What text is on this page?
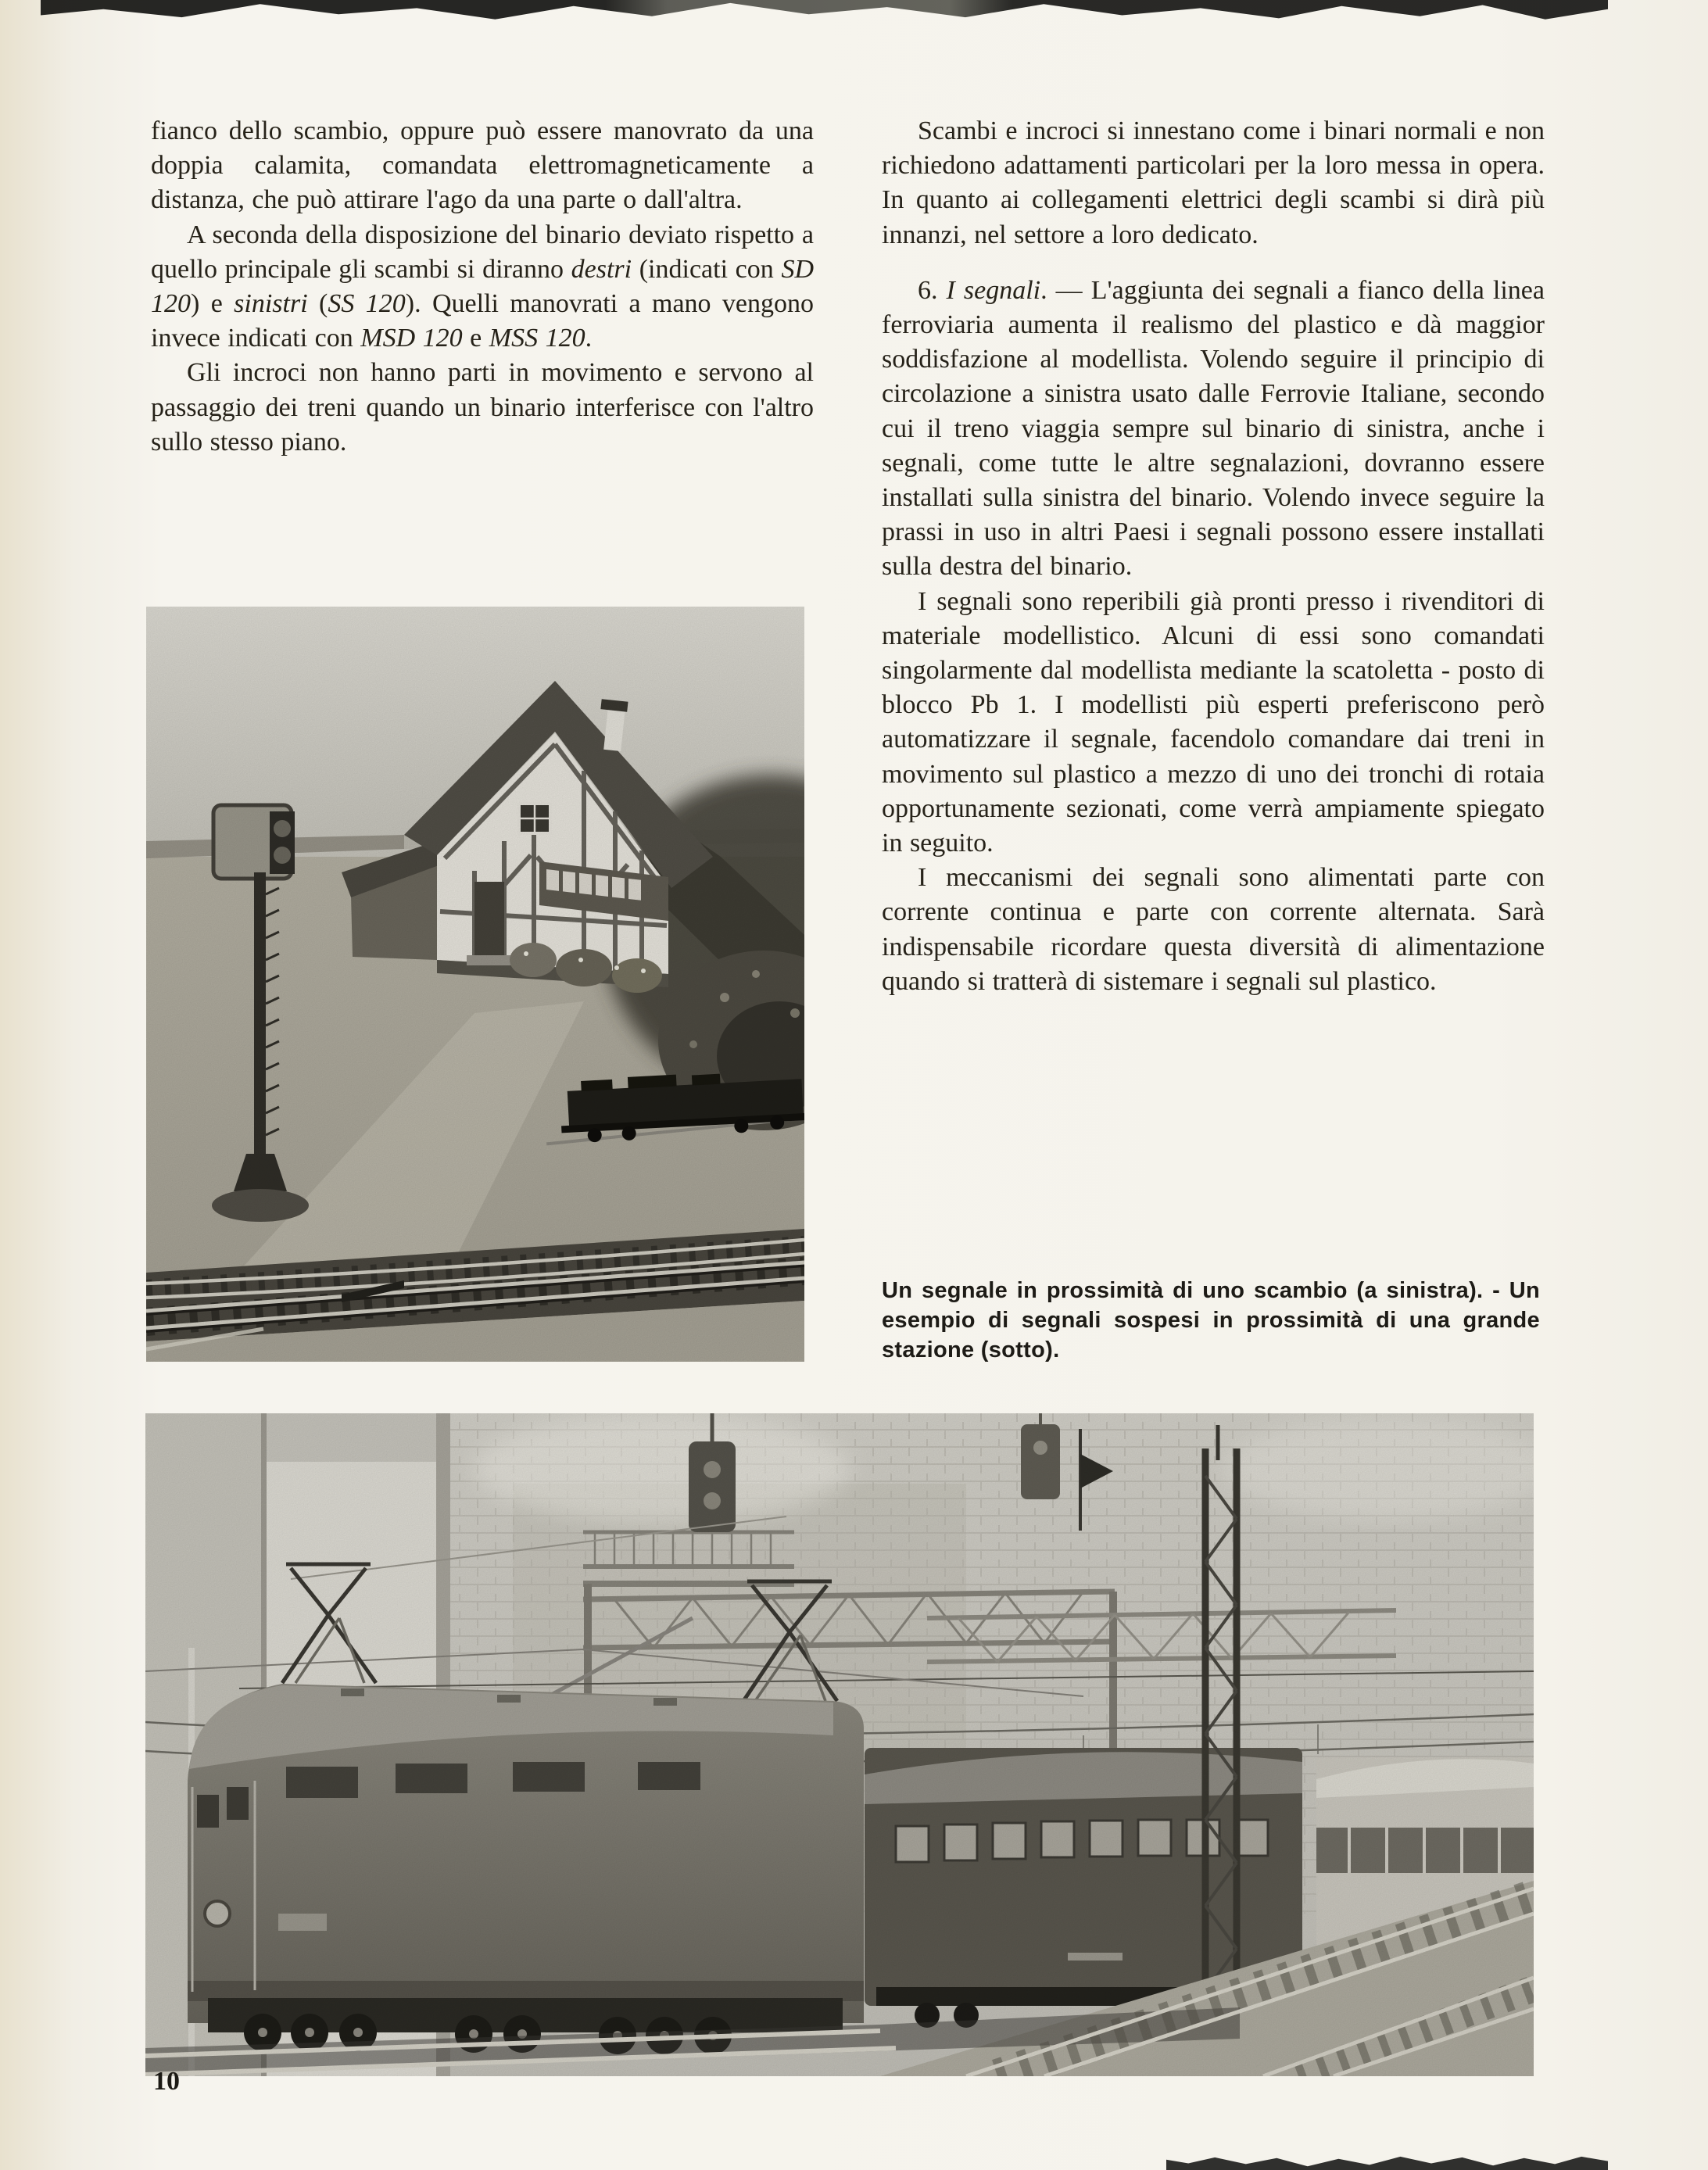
fianco dello scambio, oppure può essere manovrato da una doppia calamita, comandata elettromagneticamente a distanza, che può attirare l'ago da una parte o dall'altra.

A seconda della disposizione del binario deviato rispetto a quello principale gli scambi si diranno destri (indicati con SD 120) e sinistri (SS 120). Quelli manovrati a mano vengono invece indicati con MSD 120 e MSS 120.

Gli incroci non hanno parti in movimento e servono al passaggio dei treni quando un binario interferisce con l'altro sullo stesso piano.

Scambi e incroci si innestano come i binari normali e non richiedono adattamenti particolari per la loro messa in opera. In quanto ai collegamenti elettrici degli scambi si dirà più innanzi, nel settore a loro dedicato.

6. I segnali. — L'aggiunta dei segnali a fianco della linea ferroviaria aumenta il realismo del plastico e dà maggior soddisfazione al modellista. Volendo seguire il principio di circolazione a sinistra usato dalle Ferrovie Italiane, secondo cui il treno viaggia sempre sul binario di sinistra, anche i segnali, come tutte le altre segnalazioni, dovranno essere installati sulla sinistra del binario. Volendo invece seguire la prassi in uso in altri Paesi i segnali possono essere installati sulla destra del binario.

I segnali sono reperibili già pronti presso i rivenditori di materiale modellistico. Alcuni di essi sono comandati singolarmente dal modellista mediante la scatoletta - posto di blocco Pb 1. I modellisti più esperti preferiscono però automatizzare il segnale, facendolo comandare dai treni in movimento sul plastico a mezzo di uno dei tronchi di rotaia opportunamente sezionati, come verrà ampiamente spiegato in seguito.

I meccanismi dei segnali sono alimentati parte con corrente continua e parte con corrente alternata. Sarà indispensabile ricordare questa diversità di alimentazione quando si tratterà di sistemare i segnali sul plastico.

Un segnale in prossimità di uno scambio (a sinistra). - Un esempio di segnali sospesi in prossimità di una grande stazione (sotto).
10
